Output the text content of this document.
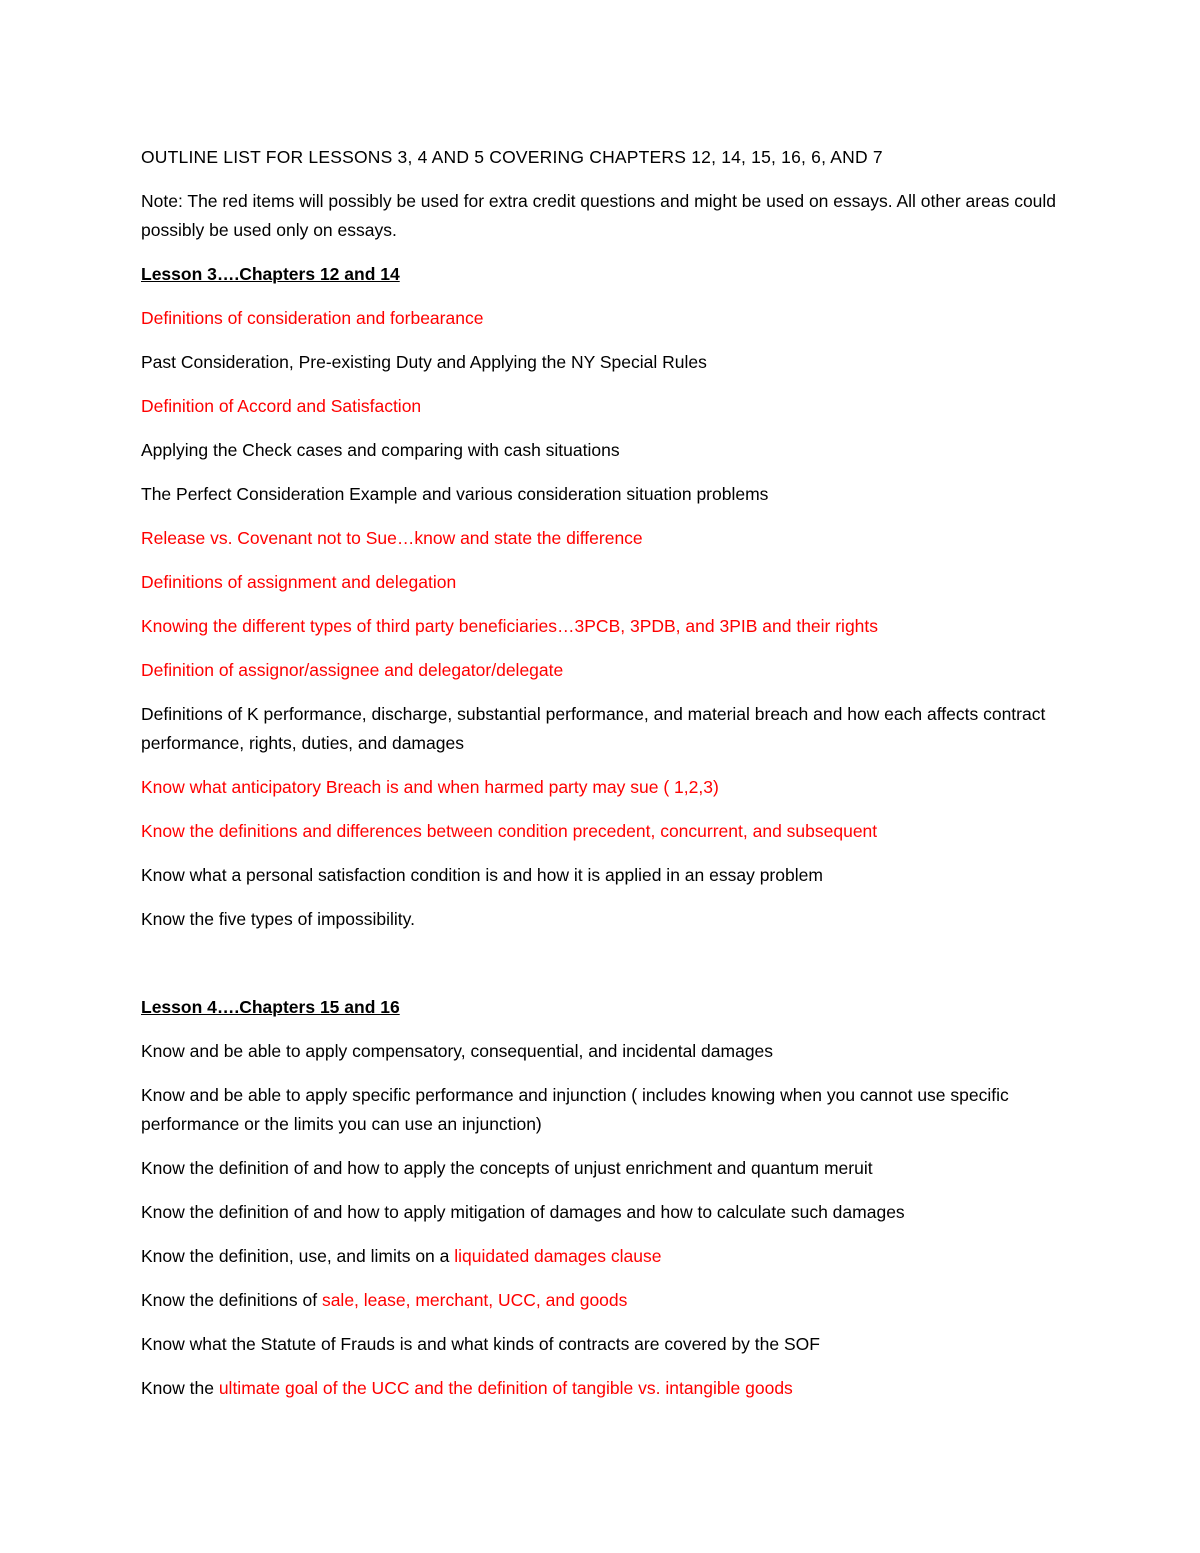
OUTLINE LIST FOR LESSONS 3, 4 AND 5 COVERING CHAPTERS 12, 14, 15, 16, 6, AND 7
Note: The red items will possibly be used for extra credit questions and might be used on essays. All other areas could possibly be used only on essays.
Lesson 3….Chapters 12 and 14
Definitions of consideration and forbearance
Past Consideration, Pre-existing Duty and Applying the NY Special Rules
Definition of Accord and Satisfaction
Applying the Check cases and comparing with cash situations
The Perfect Consideration Example and various consideration situation problems
Release vs. Covenant not to Sue…know and state the difference
Definitions of assignment and delegation
Knowing the different types of third party beneficiaries…3PCB, 3PDB, and 3PIB and their rights
Definition of assignor/assignee and delegator/delegate
Definitions of K performance, discharge, substantial performance, and material breach and how each affects contract performance, rights, duties, and damages
Know what anticipatory Breach is and when harmed party may sue ( 1,2,3)
Know the definitions and differences between condition precedent, concurrent, and subsequent
Know what a personal satisfaction condition is and how it is applied in an essay problem
Know the five types of impossibility.
Lesson 4….Chapters 15 and 16
Know and be able to apply compensatory, consequential, and incidental damages
Know and be able to apply specific performance and injunction ( includes knowing when you cannot use specific performance or the limits you can use an injunction)
Know the definition of and how to apply the concepts of unjust enrichment and quantum meruit
Know the definition of and how to apply mitigation of damages and how to calculate such damages
Know the definition, use, and limits on a liquidated damages clause
Know the definitions of sale, lease, merchant, UCC, and goods
Know what the Statute of Frauds is and what kinds of contracts are covered by the SOF
Know the ultimate goal of the UCC and the definition of tangible vs. intangible goods
